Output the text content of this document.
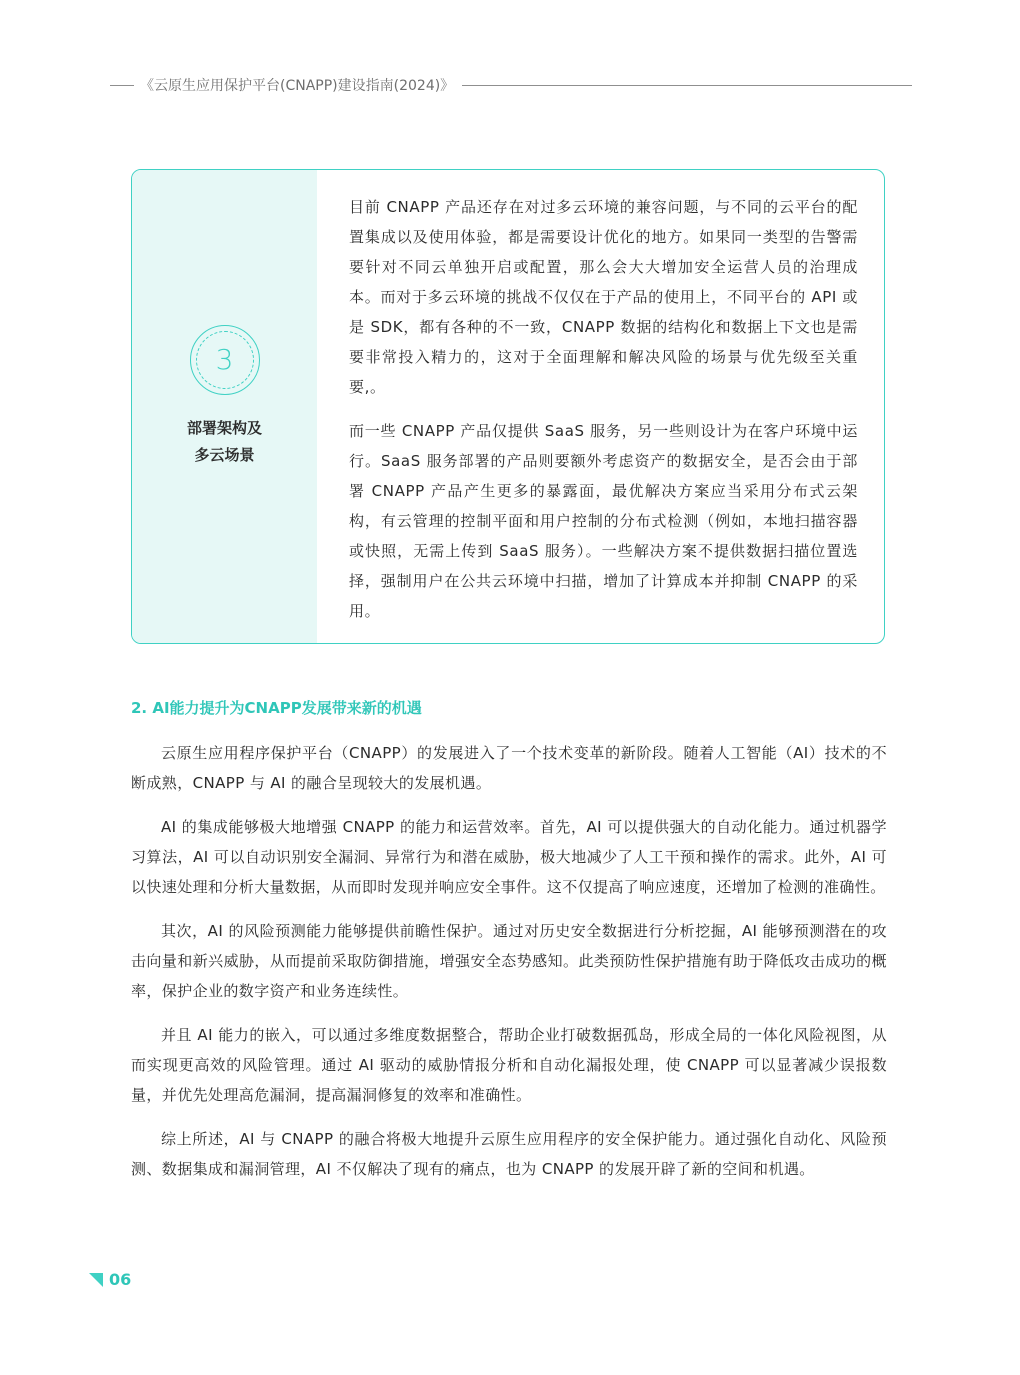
《云原生应用保护平台(CNAPP)建设指南(2024)》
3
部署架构及
多云场景

目前 CNAPP 产品还存在对过多云环境的兼容问题，与不同的云平台的配置集成以及使用体验，都是需要设计优化的地方。如果同一类型的告警需要针对不同云单独开启或配置，那么会大大增加安全运营人员的治理成本。而对于多云环境的挑战不仅仅在于产品的使用上，不同平台的 API 或是 SDK，都有各种的不一致，CNAPP 数据的结构化和数据上下文也是需要非常投入精力的，这对于全面理解和解决风险的场景与优先级至关重要,。

而一些 CNAPP 产品仅提供 SaaS 服务，另一些则设计为在客户环境中运行。SaaS 服务部署的产品则要额外考虑资产的数据安全，是否会由于部署 CNAPP 产品产生更多的暴露面，最优解决方案应当采用分布式云架构，有云管理的控制平面和用户控制的分布式检测（例如，本地扫描容器或快照，无需上传到 SaaS 服务）。一些解决方案不提供数据扫描位置选择，强制用户在公共云环境中扫描，增加了计算成本并抑制 CNAPP 的采用。

2. AI能力提升为CNAPP发展带来新的机遇

云原生应用程序保护平台（CNAPP）的发展进入了一个技术变革的新阶段。随着人工智能（AI）技术的不断成熟，CNAPP 与 AI 的融合呈现较大的发展机遇。

AI 的集成能够极大地增强 CNAPP 的能力和运营效率。首先，AI 可以提供强大的自动化能力。通过机器学习算法，AI 可以自动识别安全漏洞、异常行为和潜在威胁，极大地减少了人工干预和操作的需求。此外，AI 可以快速处理和分析大量数据，从而即时发现并响应安全事件。这不仅提高了响应速度，还增加了检测的准确性。

其次，AI 的风险预测能力能够提供前瞻性保护。通过对历史安全数据进行分析挖掘，AI 能够预测潜在的攻击向量和新兴威胁，从而提前采取防御措施，增强安全态势感知。此类预防性保护措施有助于降低攻击成功的概率，保护企业的数字资产和业务连续性。

并且 AI 能力的嵌入，可以通过多维度数据整合，帮助企业打破数据孤岛，形成全局的一体化风险视图，从而实现更高效的风险管理。通过 AI 驱动的威胁情报分析和自动化漏报处理，使 CNAPP 可以显著减少误报数量，并优先处理高危漏洞，提高漏洞修复的效率和准确性。

综上所述，AI 与 CNAPP 的融合将极大地提升云原生应用程序的安全保护能力。通过强化自动化、风险预测、数据集成和漏洞管理，AI 不仅解决了现有的痛点，也为 CNAPP 的发展开辟了新的空间和机遇。

06
